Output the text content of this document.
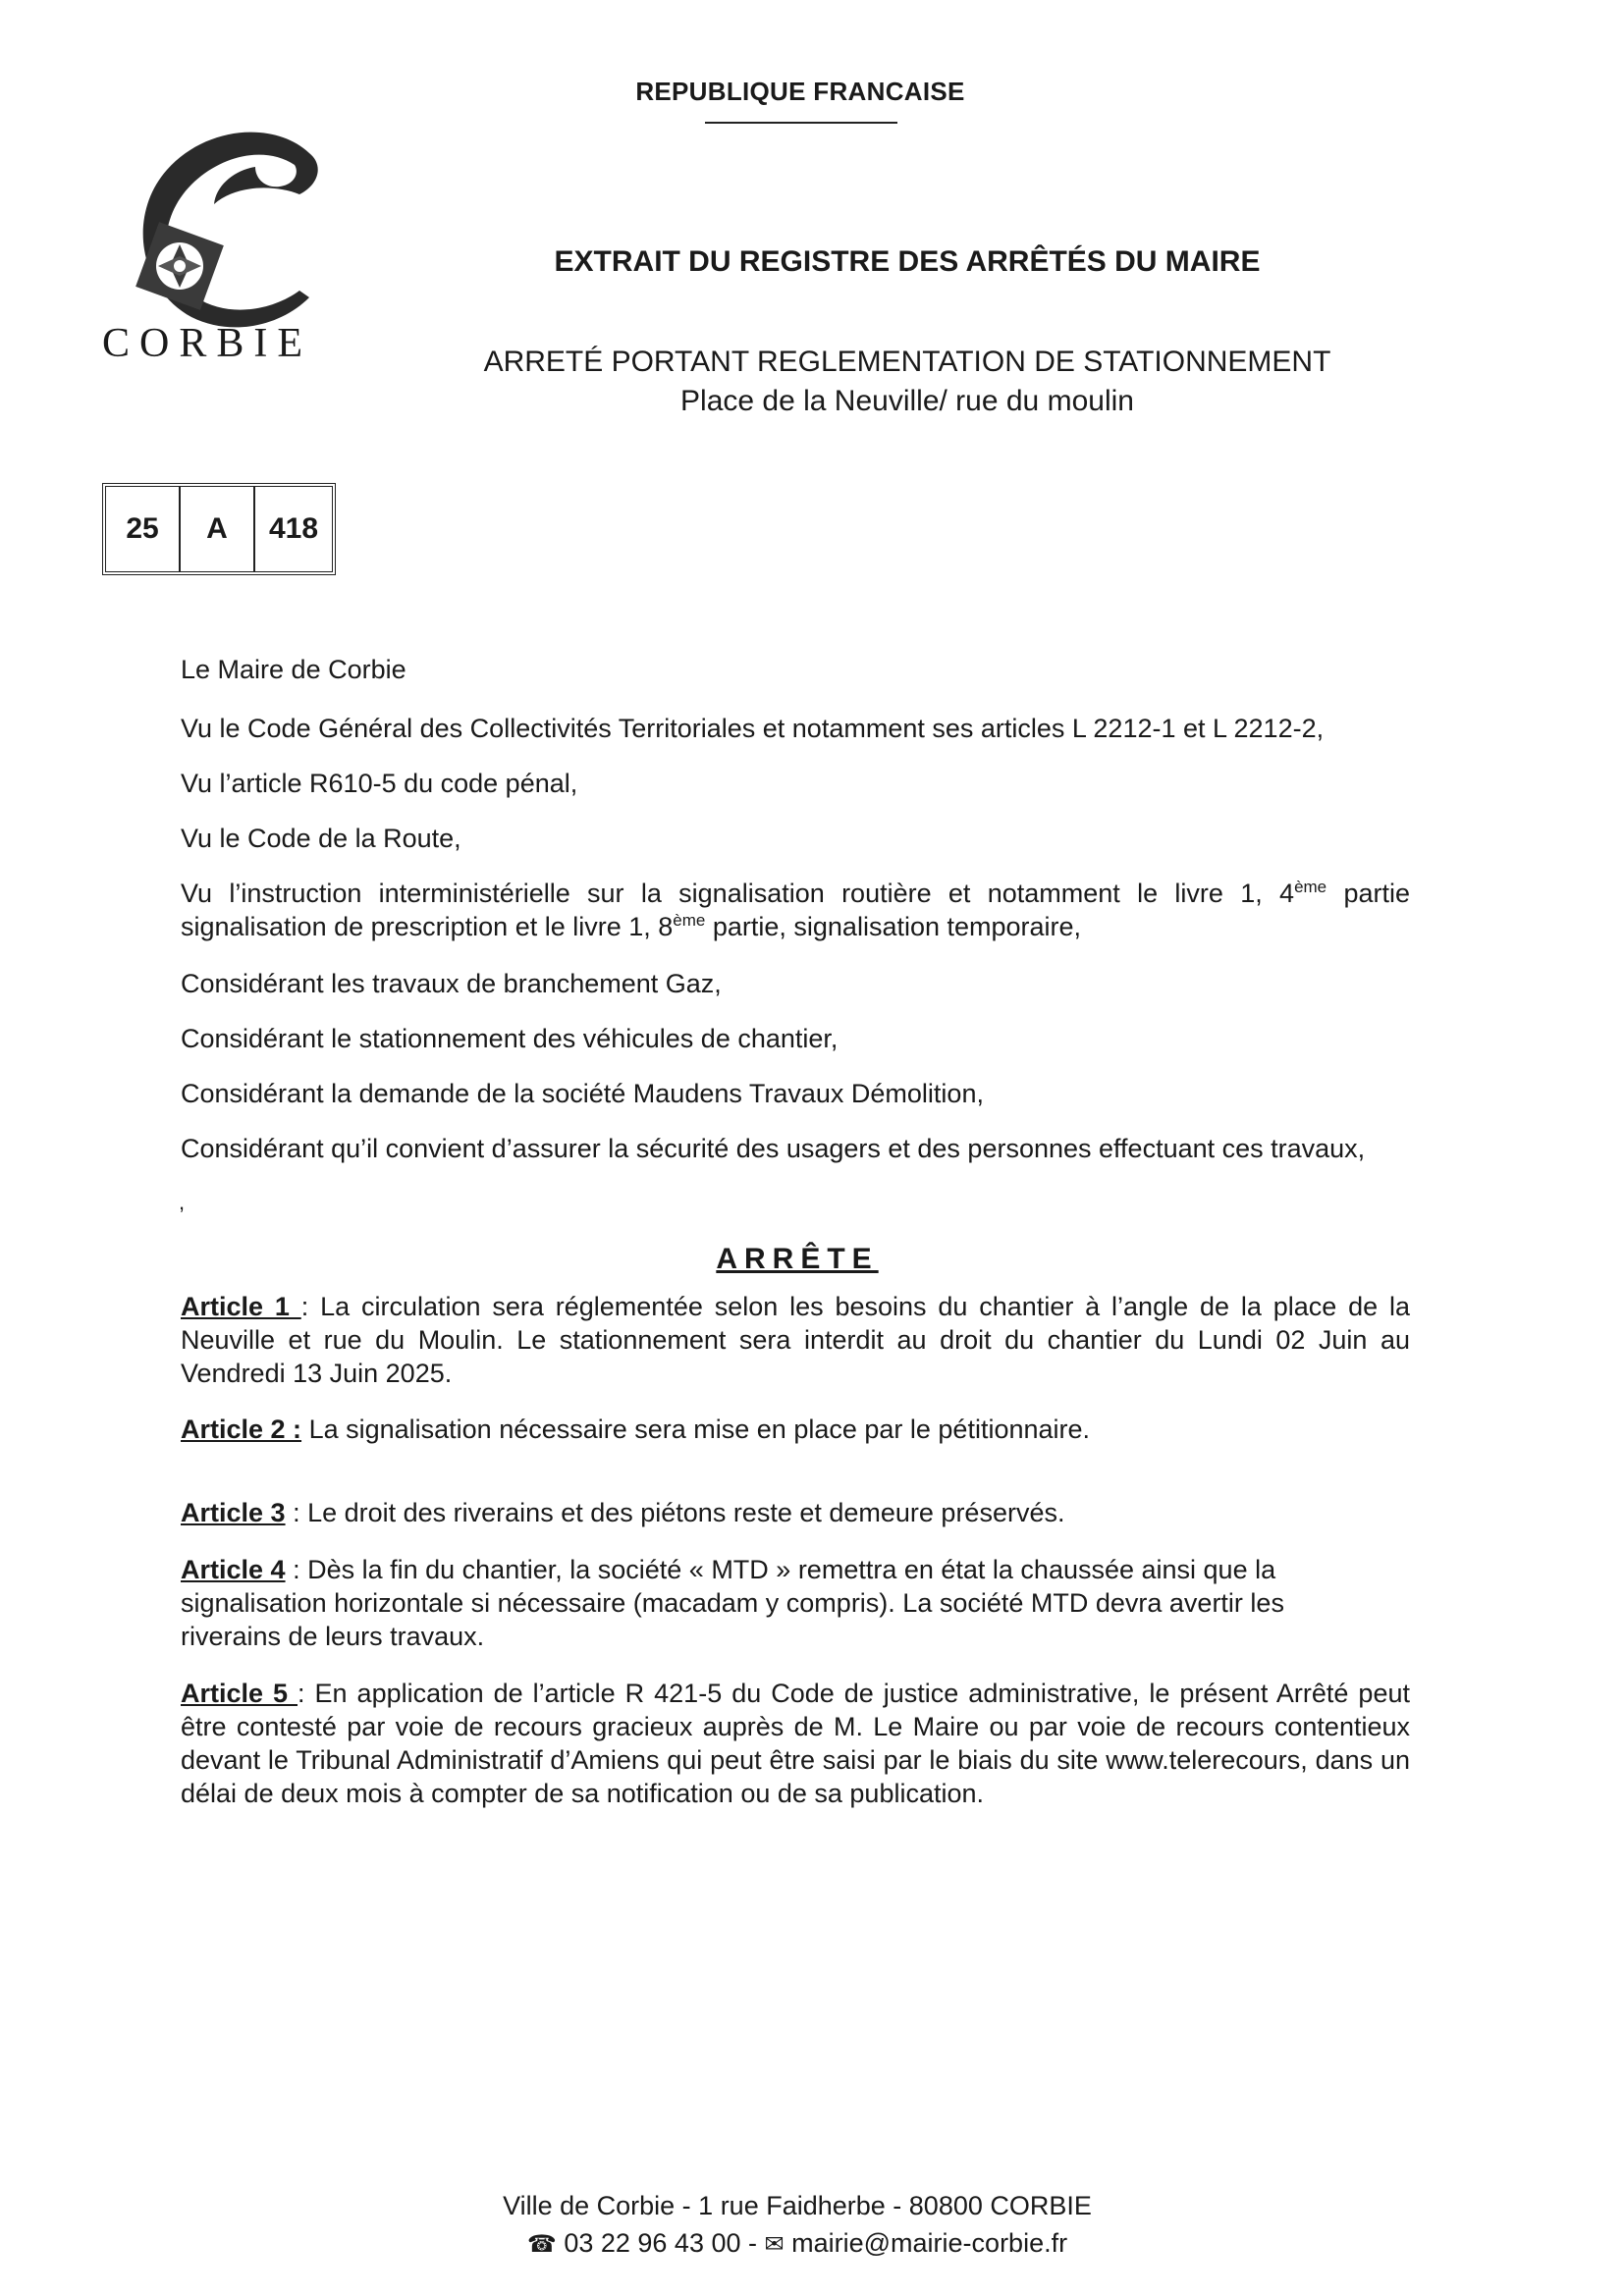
REPUBLIQUE FRANCAISE
CORBIE
EXTRAIT DU REGISTRE DES ARRÊTÉS DU MAIRE
ARRETÉ PORTANT REGLEMENTATION DE STATIONNEMENT
Place de la Neuville/ rue du moulin
25	A	418
Le Maire de Corbie
Vu le Code Général des Collectivités Territoriales et notamment ses articles L 2212-1 et L 2212-2,
Vu l’article R610-5 du code pénal,
Vu le Code de la Route,
Vu l’instruction interministérielle sur la signalisation routière et notamment le livre 1, 4ème partie signalisation de prescription et le livre 1, 8ème partie, signalisation temporaire,
Considérant les travaux de branchement Gaz,
Considérant le stationnement des véhicules de chantier,
Considérant la demande de la société Maudens Travaux Démolition,
Considérant qu’il convient d’assurer la sécurité des usagers et des personnes effectuant ces travaux,
,
ARRÊTE
Article 1 : La circulation sera réglementée selon les besoins du chantier à l’angle de la place de la Neuville et rue du Moulin. Le stationnement sera interdit au droit du chantier du Lundi 02 Juin au Vendredi 13 Juin 2025.
Article 2 : La signalisation nécessaire sera mise en place par le pétitionnaire.
Article 3 : Le droit des riverains et des piétons reste et demeure préservés.
Article 4 : Dès la fin du chantier, la société « MTD » remettra en état la chaussée ainsi que la signalisation horizontale si nécessaire (macadam y compris). La société MTD devra avertir les riverains de leurs travaux.
Article 5 : En application de l’article R 421-5 du Code de justice administrative, le présent Arrêté peut être contesté par voie de recours gracieux auprès de M. Le Maire ou par voie de recours contentieux devant le Tribunal Administratif d’Amiens qui peut être saisi par le biais du site www.telerecours, dans un délai de deux mois à compter de sa notification ou de sa publication.
Ville de Corbie - 1 rue Faidherbe - 80800 CORBIE
☎ 03 22 96 43 00 - ✉ mairie@mairie-corbie.fr
